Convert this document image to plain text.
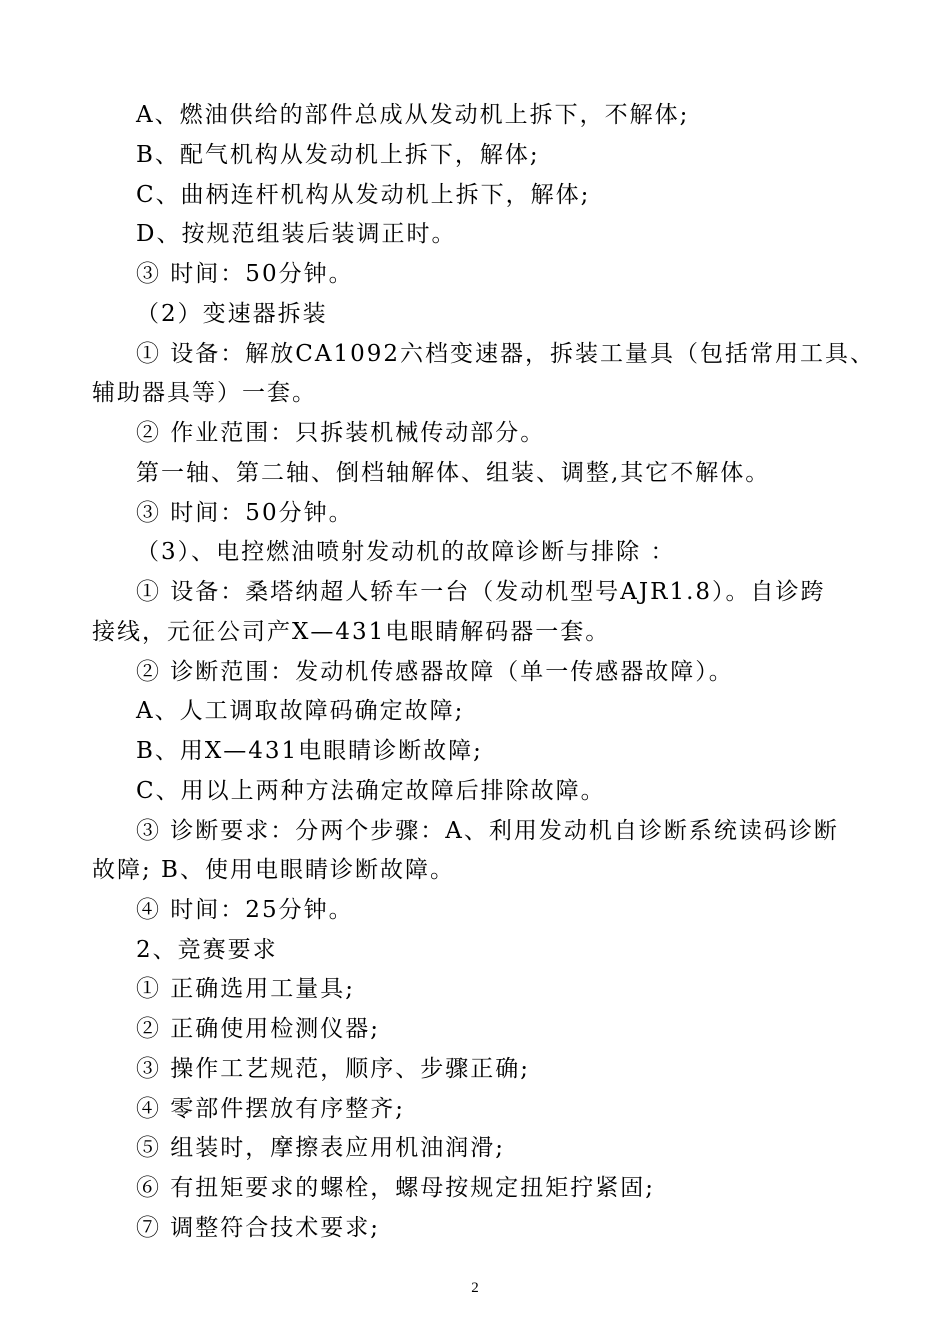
A、燃油供给的部件总成从发动机上拆下，不解体;
B、配气机构从发动机上拆下，解体;
C、曲柄连杆机构从发动机上拆下，解体;
D、按规范组装后装调正时。
③ 时间：50分钟。
（2）变速器拆装
① 设备：解放CA1092六档变速器，拆装工量具（包括常用工具、
辅助器具等）一套。
② 作业范围：只拆装机械传动部分。
第一轴、第二轴、倒档轴解体、组装、调整,其它不解体。
③ 时间：50分钟。
（3）、电控燃油喷射发动机的故障诊断与排除 ：
① 设备：桑塔纳超人轿车一台（发动机型号AJR1.8）。自诊跨
接线，元征公司产X—431电眼睛解码器一套。
② 诊断范围：发动机传感器故障（单一传感器故障）。
A、人工调取故障码确定故障;
B、用X—431电眼睛诊断故障;
C、用以上两种方法确定故障后排除故障。
③ 诊断要求：分两个步骤：A、利用发动机自诊断系统读码诊断
故障; B、使用电眼睛诊断故障。
④ 时间：25分钟。
2、竞赛要求
① 正确选用工量具;
② 正确使用检测仪器;
③ 操作工艺规范，顺序、步骤正确;
④ 零部件摆放有序整齐;
⑤ 组装时，摩擦表应用机油润滑;
⑥ 有扭矩要求的螺栓，螺母按规定扭矩拧紧固;
⑦ 调整符合技术要求;
2
